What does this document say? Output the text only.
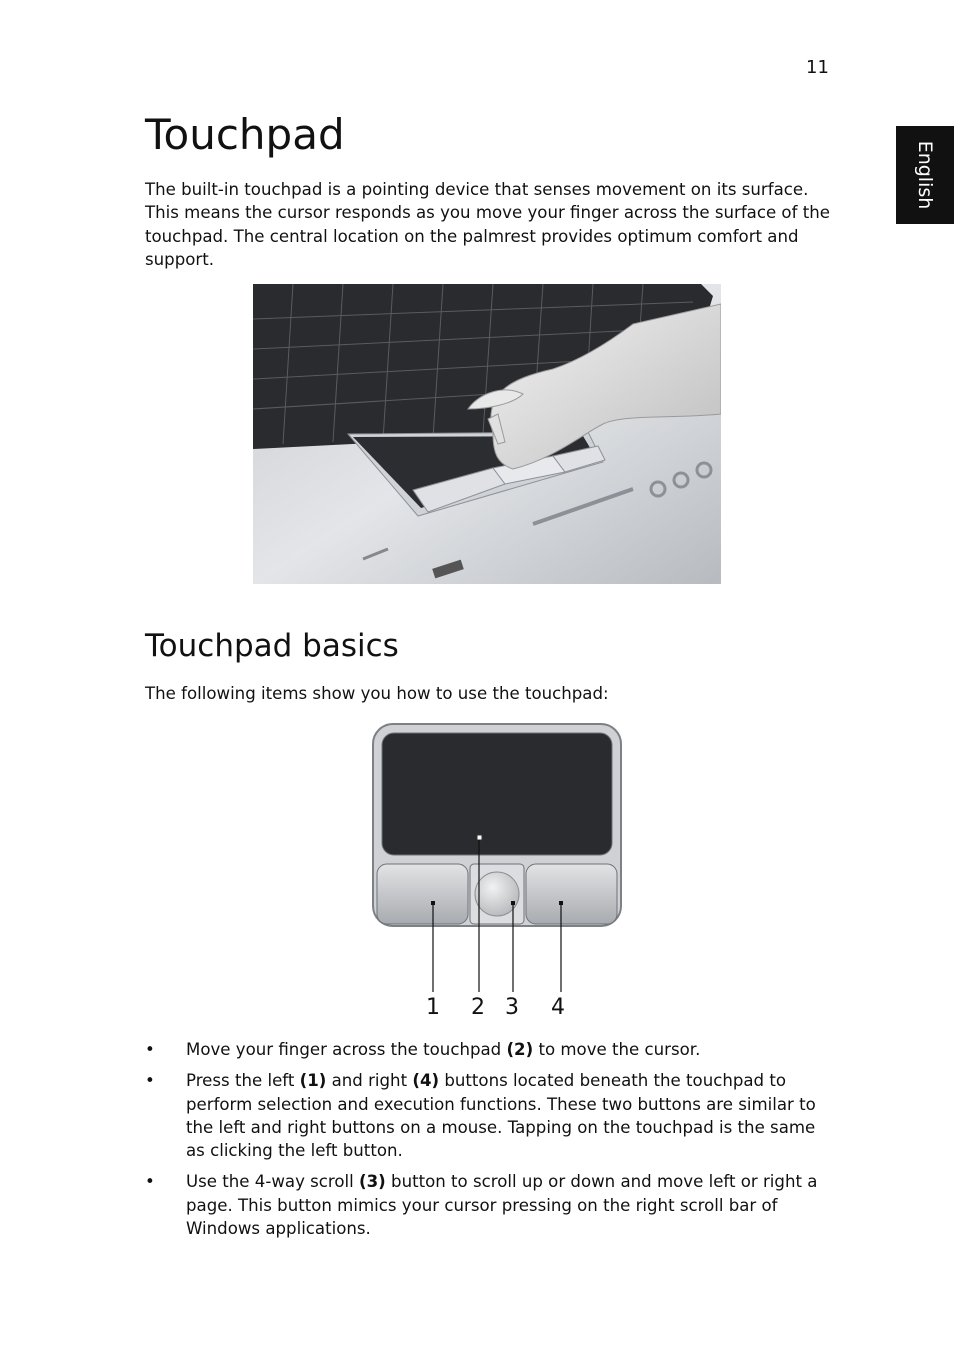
11
English
Touchpad

The built-in touchpad is a pointing device that senses movement on its surface. This means the cursor responds as you move your finger across the surface of the touchpad. The central location on the palmrest provides optimum comfort and support.

Touchpad basics

The following items show you how to use the touchpad:

1 2 3 4
• Move your finger across the touchpad (2) to move the cursor.
• Press the left (1) and right (4) buttons located beneath the touchpad to perform selection and execution functions. These two buttons are similar to the left and right buttons on a mouse. Tapping on the touchpad is the same as clicking the left button.
• Use the 4-way scroll (3) button to scroll up or down and move left or right a page. This button mimics your cursor pressing on the right scroll bar of Windows applications.
